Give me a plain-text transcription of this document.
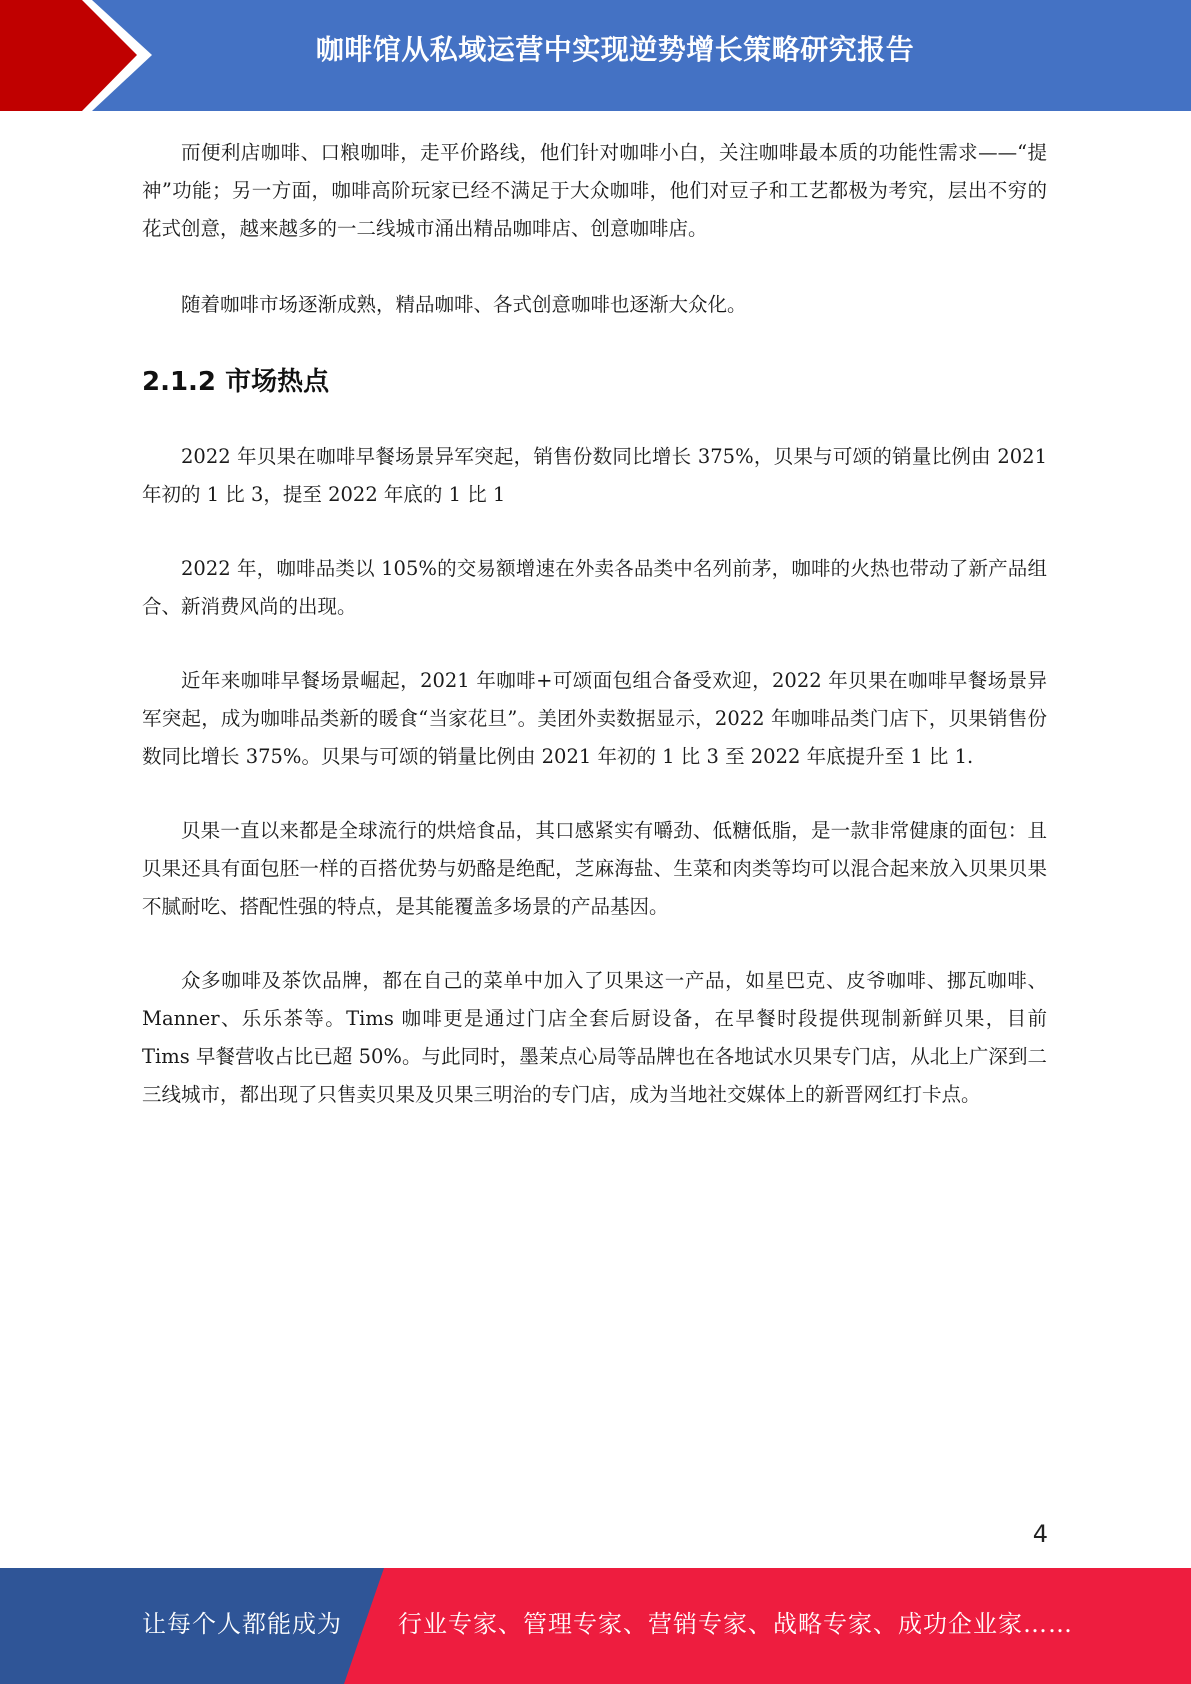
咖啡馆从私域运营中实现逆势增长策略研究报告

而便利店咖啡、口粮咖啡，走平价路线，他们针对咖啡小白，关注咖啡最本质的功能性需求——“提神”功能；另一方面，咖啡高阶玩家已经不满足于大众咖啡，他们对豆子和工艺都极为考究，层出不穷的花式创意，越来越多的一二线城市涌出精品咖啡店、创意咖啡店。

随着咖啡市场逐渐成熟，精品咖啡、各式创意咖啡也逐渐大众化。

2.1.2 市场热点

2022 年贝果在咖啡早餐场景异军突起，销售份数同比增长 375%，贝果与可颂的销量比例由 2021 年初的 1 比 3，提至 2022 年底的 1 比 1

2022 年，咖啡品类以 105%的交易额增速在外卖各品类中名列前茅，咖啡的火热也带动了新产品组合、新消费风尚的出现。

近年来咖啡早餐场景崛起，2021 年咖啡+可颂面包组合备受欢迎，2022 年贝果在咖啡早餐场景异军突起，成为咖啡品类新的暖食“当家花旦”。美团外卖数据显示，2022 年咖啡品类门店下，贝果销售份数同比增长 375%。贝果与可颂的销量比例由 2021 年初的 1 比 3 至 2022 年底提升至 1 比 1.

贝果一直以来都是全球流行的烘焙食品，其口感紧实有嚼劲、低糖低脂，是一款非常健康的面包：且贝果还具有面包胚一样的百搭优势与奶酪是绝配，芝麻海盐、生菜和肉类等均可以混合起来放入贝果贝果不腻耐吃、搭配性强的特点，是其能覆盖多场景的产品基因。

众多咖啡及茶饮品牌，都在自己的菜单中加入了贝果这一产品，如星巴克、皮爷咖啡、挪瓦咖啡、Manner、乐乐茶等。Tims 咖啡更是通过门店全套后厨设备，在早餐时段提供现制新鲜贝果，目前 Tims 早餐营收占比已超 50%。与此同时，墨茉点心局等品牌也在各地试水贝果专门店，从北上广深到二三线城市，都出现了只售卖贝果及贝果三明治的专门店，成为当地社交媒体上的新晋网红打卡点。

4
让每个人都能成为 行业专家、管理专家、营销专家、战略专家、成功企业家……
